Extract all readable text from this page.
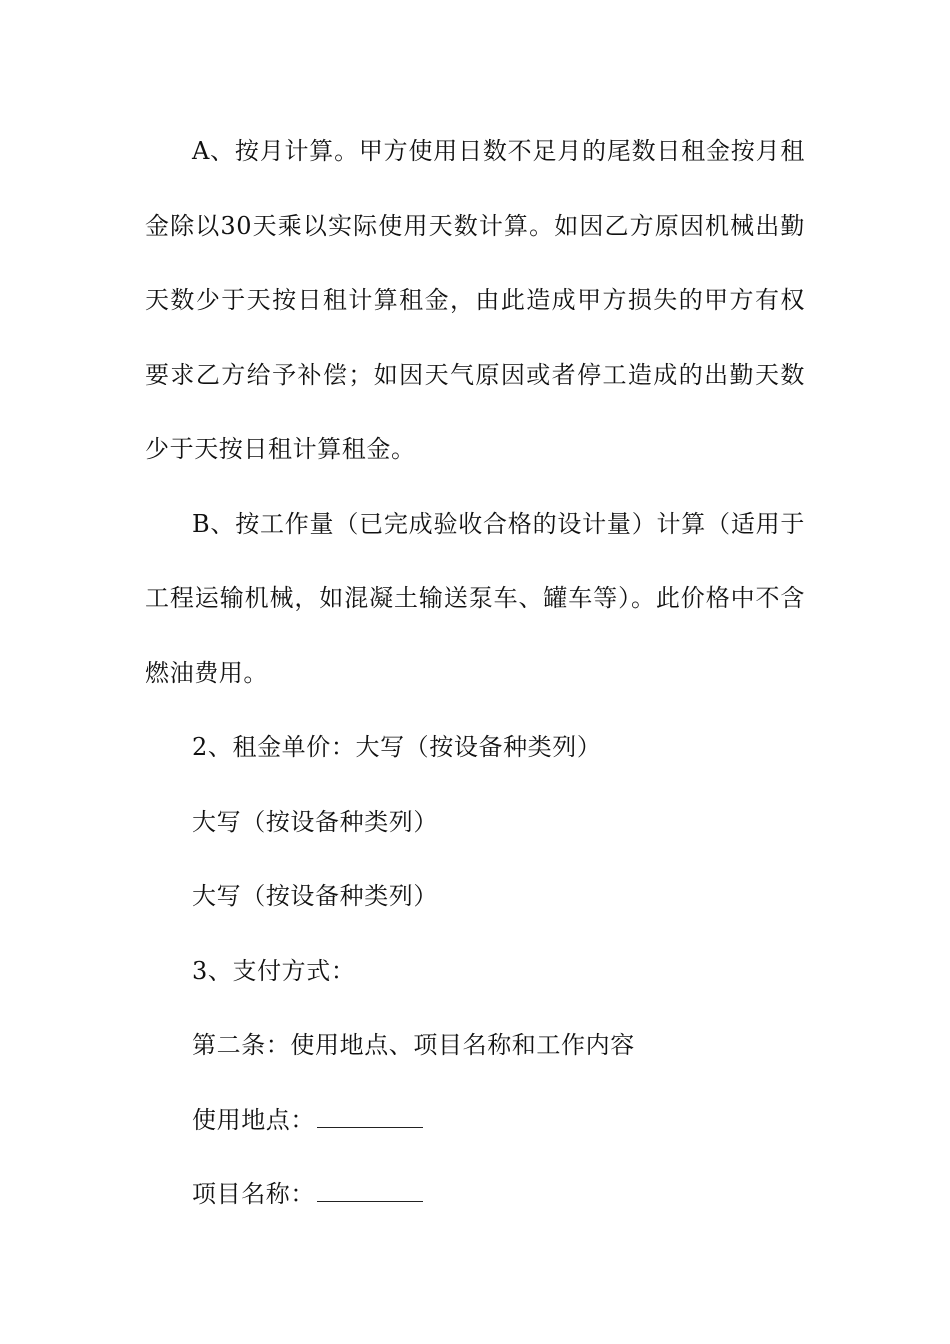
A、按月计算。甲方使用日数不足月的尾数日租金按月租金除以30天乘以实际使用天数计算。如因乙方原因机械出勤天数少于天按日租计算租金，由此造成甲方损失的甲方有权要求乙方给予补偿；如因天气原因或者停工造成的出勤天数少于天按日租计算租金。

B、按工作量（已完成验收合格的设计量）计算（适用于工程运输机械，如混凝土输送泵车、罐车等）。此价格中不含燃油费用。

2、租金单价：大写（按设备种类列）

大写（按设备种类列）

大写（按设备种类列）

3、支付方式：

第二条：使用地点、项目名称和工作内容

使用地点：

项目名称：
